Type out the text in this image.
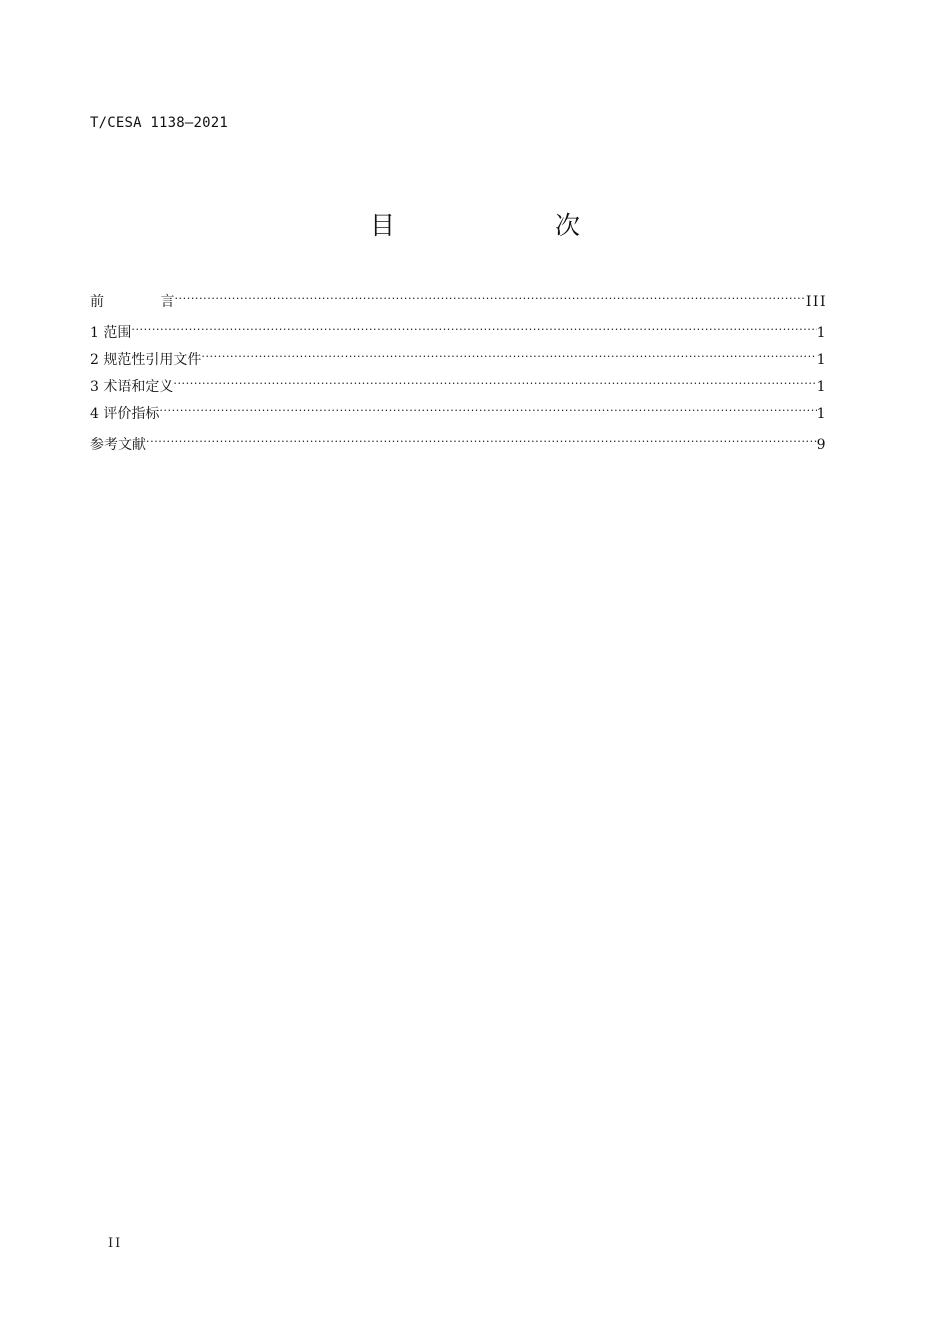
T/CESA 1138—2021
目 次
前 言 .....	III
1 范围 .....	1
2 规范性引用文件 .....	1
3 术语和定义 .....	1
4 评价指标 .....	1
参考文献 .....	9
II
